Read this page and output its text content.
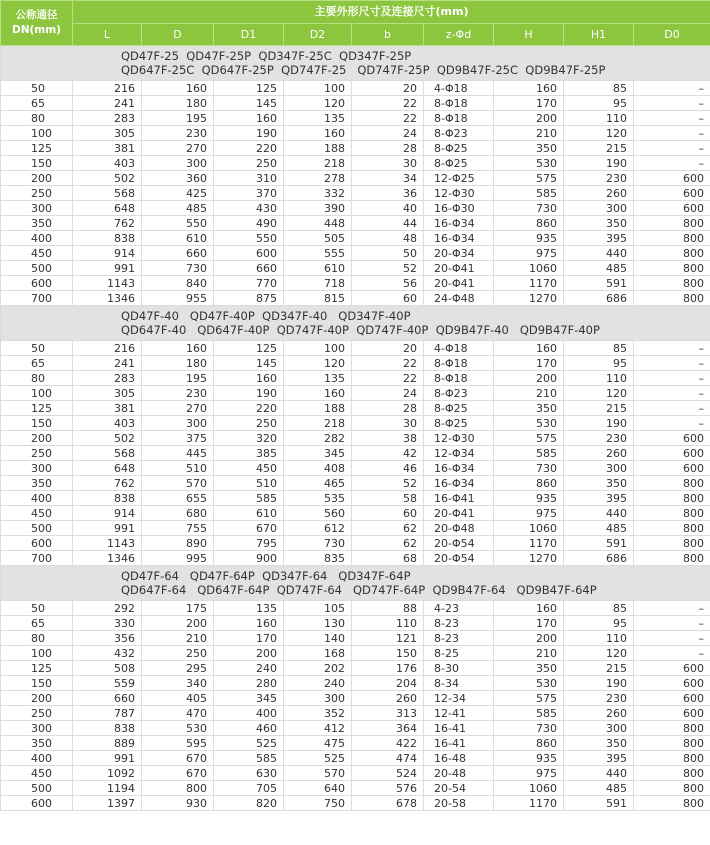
公称通径
DN(mm)	主要外形尺寸及连接尺寸(mm)								
	L	D	D1	D2	b	z-Φd	H	H1	D0

QD47F-25  QD47F-25P  QD347F-25C  QD347F-25P
QD647F-25C  QD647F-25P  QD747F-25   QD747F-25P  QD9B47F-25C  QD9B47F-25P									

50	216	160	125	100	20	4-Φ18	160	85	–
65	241	180	145	120	22	8-Φ18	170	95	–
80	283	195	160	135	22	8-Φ18	200	110	–
100	305	230	190	160	24	8-Φ23	210	120	–
125	381	270	220	188	28	8-Φ25	350	215	–
150	403	300	250	218	30	8-Φ25	530	190	–
200	502	360	310	278	34	12-Φ25	575	230	600
250	568	425	370	332	36	12-Φ30	585	260	600
300	648	485	430	390	40	16-Φ30	730	300	600
350	762	550	490	448	44	16-Φ34	860	350	800
400	838	610	550	505	48	16-Φ34	935	395	800
450	914	660	600	555	50	20-Φ34	975	440	800
500	991	730	660	610	52	20-Φ41	1060	485	800
600	1143	840	770	718	56	20-Φ41	1170	591	800
700	1346	955	875	815	60	24-Φ48	1270	686	800

QD47F-40   QD47F-40P  QD347F-40   QD347F-40P
QD647F-40   QD647F-40P  QD747F-40P  QD747F-40P  QD9B47F-40   QD9B47F-40P									

50	216	160	125	100	20	4-Φ18	160	85	–
65	241	180	145	120	22	8-Φ18	170	95	–
80	283	195	160	135	22	8-Φ18	200	110	–
100	305	230	190	160	24	8-Φ23	210	120	–
125	381	270	220	188	28	8-Φ25	350	215	–
150	403	300	250	218	30	8-Φ25	530	190	–
200	502	375	320	282	38	12-Φ30	575	230	600
250	568	445	385	345	42	12-Φ34	585	260	600
300	648	510	450	408	46	16-Φ34	730	300	600
350	762	570	510	465	52	16-Φ34	860	350	800
400	838	655	585	535	58	16-Φ41	935	395	800
450	914	680	610	560	60	20-Φ41	975	440	800
500	991	755	670	612	62	20-Φ48	1060	485	800
600	1143	890	795	730	62	20-Φ54	1170	591	800
700	1346	995	900	835	68	20-Φ54	1270	686	800

QD47F-64   QD47F-64P  QD347F-64   QD347F-64P
QD647F-64   QD647F-64P  QD747F-64   QD747F-64P  QD9B47F-64   QD9B47F-64P									

50	292	175	135	105	88	4-23	160	85	–
65	330	200	160	130	110	8-23	170	95	–
80	356	210	170	140	121	8-23	200	110	–
100	432	250	200	168	150	8-25	210	120	–
125	508	295	240	202	176	8-30	350	215	600
150	559	340	280	240	204	8-34	530	190	600
200	660	405	345	300	260	12-34	575	230	600
250	787	470	400	352	313	12-41	585	260	600
300	838	530	460	412	364	16-41	730	300	800
350	889	595	525	475	422	16-41	860	350	800
400	991	670	585	525	474	16-48	935	395	800
450	1092	670	630	570	524	20-48	975	440	800
500	1194	800	705	640	576	20-54	1060	485	800
600	1397	930	820	750	678	20-58	1170	591	800
